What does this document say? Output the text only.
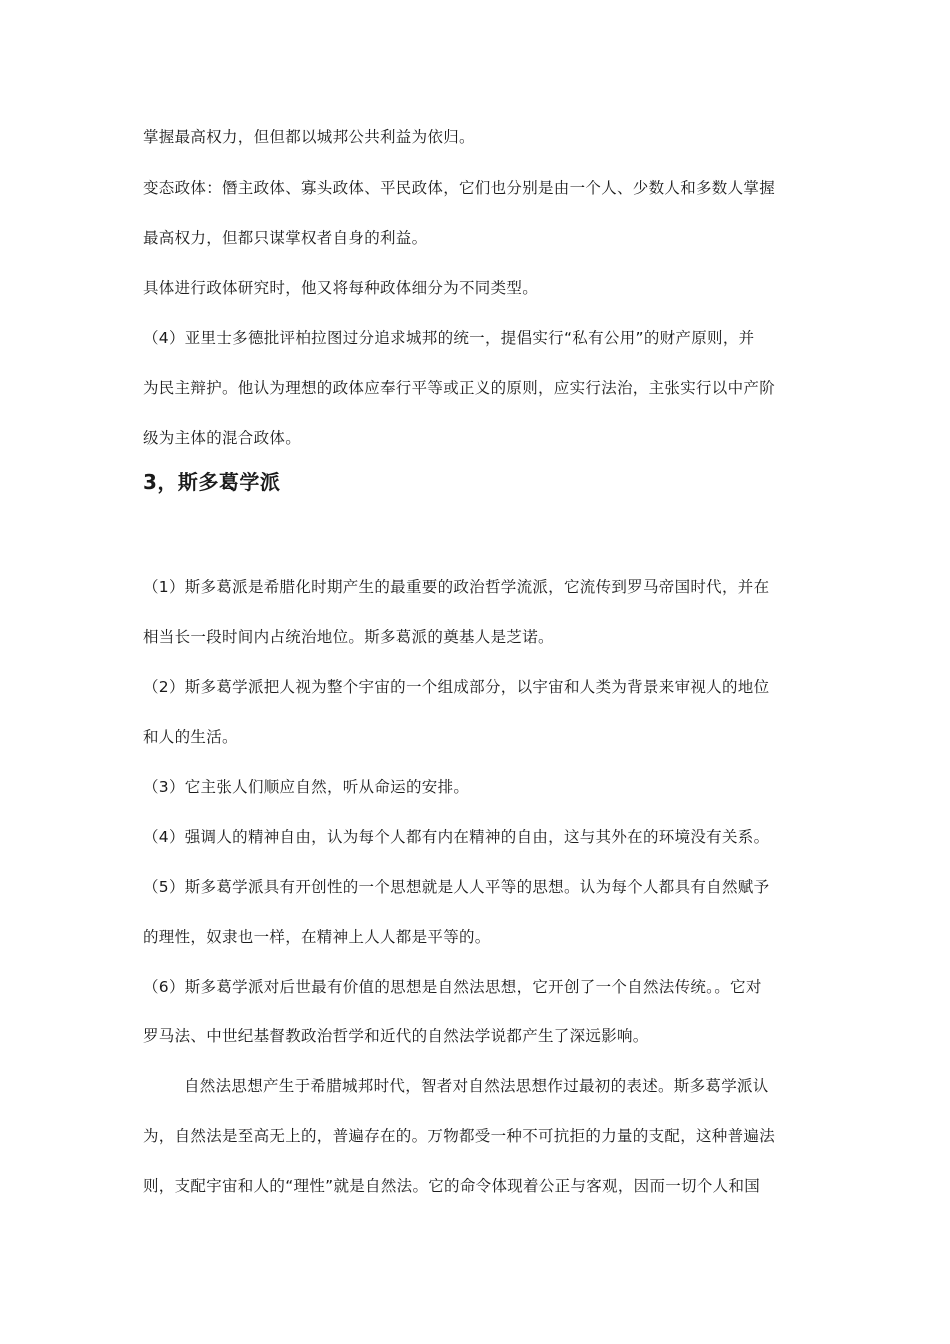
掌握最高权力，但但都以城邦公共利益为依归。
变态政体：僭主政体、寡头政体、平民政体，它们也分别是由一个人、少数人和多数人掌握
最高权力，但都只谋掌权者自身的利益。
具体进行政体研究时，他又将每种政体细分为不同类型。
（4）亚里士多德批评柏拉图过分追求城邦的统一，提倡实行“私有公用”的财产原则，并
为民主辩护。他认为理想的政体应奉行平等或正义的原则，应实行法治，主张实行以中产阶
级为主体的混合政体。
3，斯多葛学派
（1）斯多葛派是希腊化时期产生的最重要的政治哲学流派，它流传到罗马帝国时代，并在
相当长一段时间内占统治地位。斯多葛派的奠基人是芝诺。
（2）斯多葛学派把人视为整个宇宙的一个组成部分，以宇宙和人类为背景来审视人的地位
和人的生活。
（3）它主张人们顺应自然，听从命运的安排。
（4）强调人的精神自由，认为每个人都有内在精神的自由，这与其外在的环境没有关系。
（5）斯多葛学派具有开创性的一个思想就是人人平等的思想。认为每个人都具有自然赋予
的理性，奴隶也一样，在精神上人人都是平等的。
（6）斯多葛学派对后世最有价值的思想是自然法思想，它开创了一个自然法传统。。它对
罗马法、中世纪基督教政治哲学和近代的自然法学说都产生了深远影响。
自然法思想产生于希腊城邦时代，智者对自然法思想作过最初的表述。斯多葛学派认
为，自然法是至高无上的，普遍存在的。万物都受一种不可抗拒的力量的支配，这种普遍法
则，支配宇宙和人的“理性”就是自然法。它的命令体现着公正与客观，因而一切个人和国
